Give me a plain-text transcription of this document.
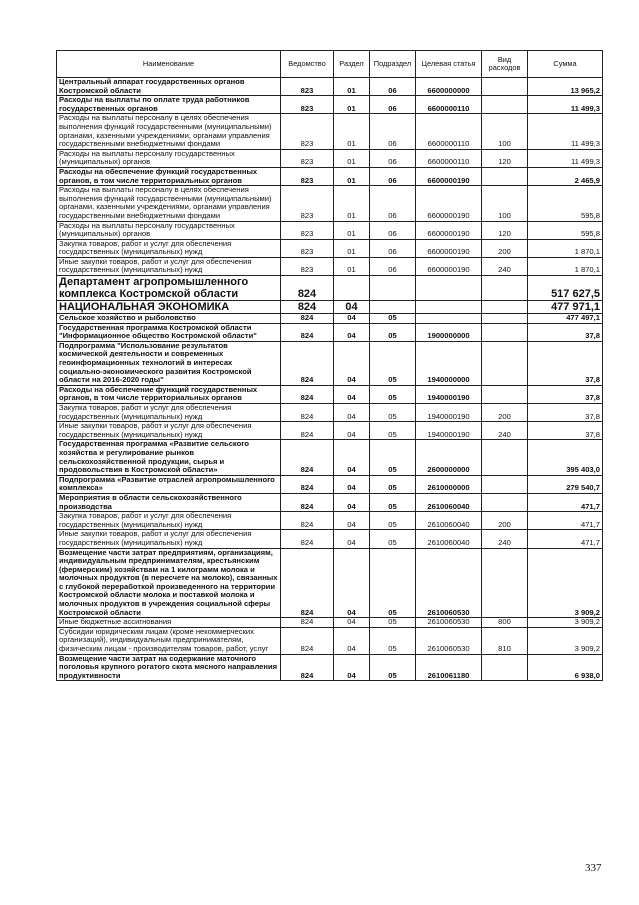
Наименование	Ведомство	Раздел	Подраздел	Целевая статья	Вид расходов	Сумма
Центральный аппарат государственных органов Костромской области	823	01	06	6600000000		13 965,2
Расходы на выплаты по оплате труда работников государственных органов	823	01	06	6600000110		11 499,3
Расходы на выплаты персоналу в целях обеспечения выполнения функций государственными (муниципальными) органами, казенными учреждениями, органами управления государственными внебюджетными фондами	823	01	06	6600000110	100	11 499,3
Расходы на выплаты персоналу государственных (муниципальных) органов	823	01	06	6600000110	120	11 499,3
Расходы на обеспечение функций государственных органов, в том числе территориальных органов	823	01	06	6600000190		2 465,9
Расходы на выплаты персоналу в целях обеспечения выполнения функций государственными (муниципальными) органами, казенными учреждениями, органами управления государственными внебюджетными фондами	823	01	06	6600000190	100	595,8
Расходы на выплаты персоналу государственных (муниципальных) органов	823	01	06	6600000190	120	595,8
Закупка товаров, работ и услуг для обеспечения государственных (муниципальных) нужд	823	01	06	6600000190	200	1 870,1
Иные закупки товаров, работ и услуг для обеспечения государственных (муниципальных) нужд	823	01	06	6600000190	240	1 870,1
Департамент агропромышленного комплекса Костромской области	824					517 627,5
НАЦИОНАЛЬНАЯ ЭКОНОМИКА	824	04				477 971,1
Сельское хозяйство и рыболовство	824	04	05			477 497,1
Государственная программа Костромской области "Информационное общество Костромской области"	824	04	05	1900000000		37,8
Подпрограмма "Использование результатов космической деятельности и современных геоинформационных технологий в интересах социально-экономического развития Костромской области на 2016-2020 годы"	824	04	05	1940000000		37,8
Расходы на обеспечение функций государственных органов, в том числе территориальных органов	824	04	05	1940000190		37,8
Закупка товаров, работ и услуг для обеспечения государственных (муниципальных) нужд	824	04	05	1940000190	200	37,8
Иные закупки товаров, работ и услуг для обеспечения государственных (муниципальных) нужд	824	04	05	1940000190	240	37,8
Государственная программа «Развитие сельского хозяйства и регулирование рынков сельскохозяйственной продукции, сырья и продовольствия в Костромской области»	824	04	05	2600000000		395 403,0
Подпрограмма «Развитие отраслей агропромышленного комплекса»	824	04	05	2610000000		279 540,7
Мероприятия в области сельскохозяйственного производства	824	04	05	2610060040		471,7
Закупка товаров, работ и услуг для обеспечения государственных (муниципальных) нужд	824	04	05	2610060040	200	471,7
Иные закупки товаров, работ и услуг для обеспечения государственных (муниципальных) нужд	824	04	05	2610060040	240	471,7
Возмещение части затрат предприятиям, организациям, индивидуальным предпринимателям, крестьянским (фермерским) хозяйствам на 1 килограмм молока и молочных продуктов (в пересчете на молоко), связанных с глубокой переработкой произведенного на территории Костромской области молока и поставкой молока и молочных продуктов в учреждения социальной сферы Костромской области	824	04	05	2610060530		3 909,2
Иные бюджетные ассигнования	824	04	05	2610060530	800	3 909,2
Субсидии юридическим лицам (кроме некоммерческих организаций), индивидуальным предпринимателям, физическим лицам - производителям товаров, работ, услуг	824	04	05	2610060530	810	3 909,2
Возмещение части затрат на содержание маточного поголовья крупного рогатого скота мясного направления продуктивности	824	04	05	2610061180		6 938,0
337
